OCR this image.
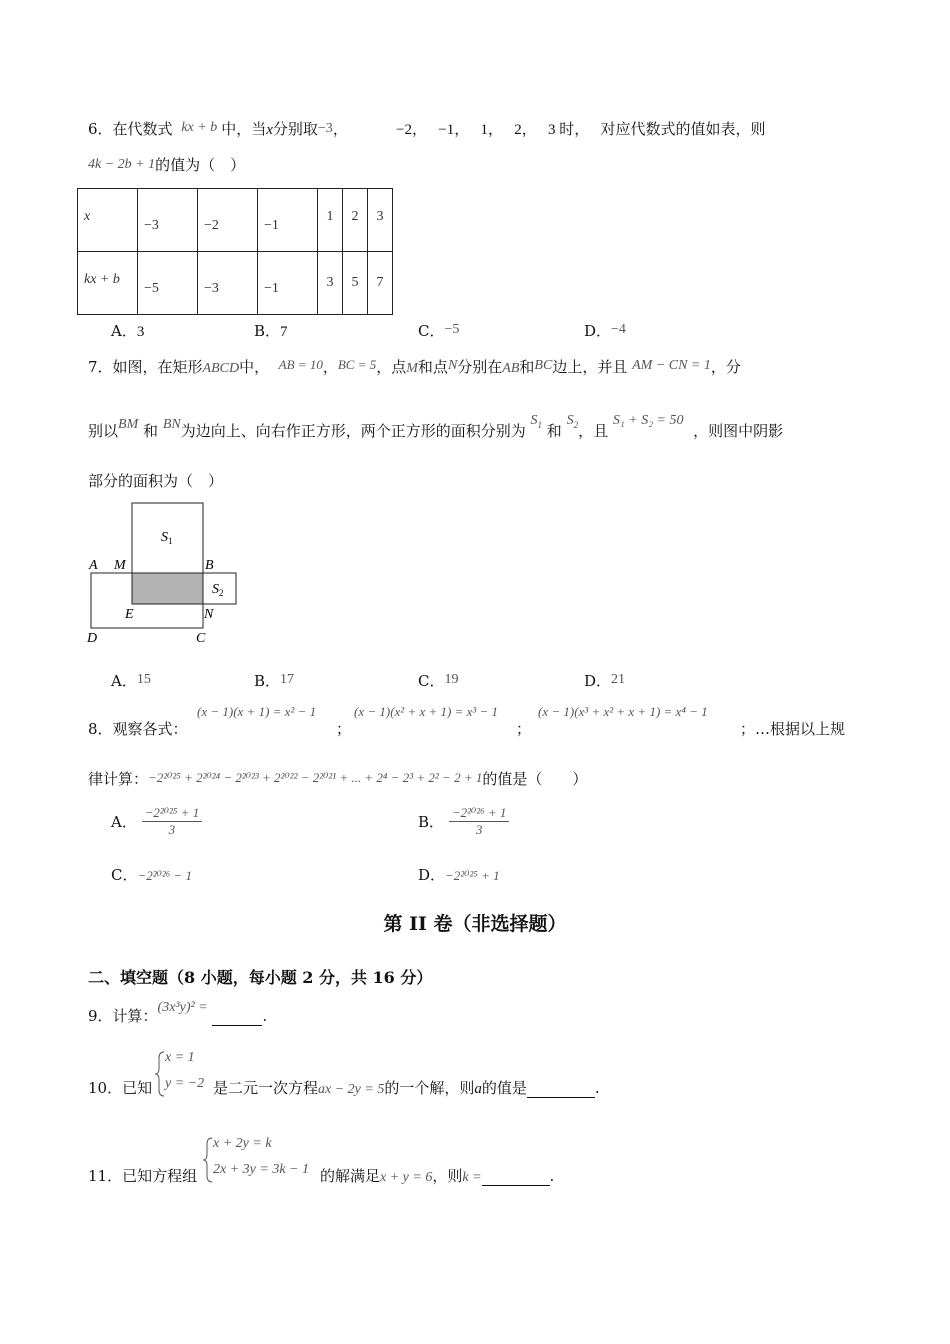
6．在代数式 kx + b 中，当x分别取−3，	−2，   −1，   1，   2，   3 时， 对应代数式的值如表，则
4k − 2b + 1的值为（　）
x	−3	−2	−1	1	2	3
kx + b	−5	−3	−1	3	5	7
A．3	B．7	C．−5	D．−4
7．如图，在矩形ABCD中， AB = 10，BC = 5，点M和点N分别在AB和BC边上，并且 AM − CN = 1，分
别以BM 和 BN为边向上、向右作正方形，两个正方形的面积分别为 $S_1$ 和 $S_2$，且 S₁ + S₂ = 50  ，则图中阴影
部分的面积为（　）
$S_1$
$S_2$
A M	B
E	N
D	C
A．15	B．17	C．19	D．21
8．观察各式：
(x − 1)(x + 1) = x² − 1
；
(x − 1)(x² + x + 1) = x³ − 1
；
(x − 1)(x³ + x² + x + 1) = x⁴ − 1
；…根据以上规
律计算：−2²⁰²⁵ + 2²⁰²⁴ − 2²⁰²³ + 2²⁰²² − 2²⁰²¹ + ... + 2⁴ − 2³ + 2² − 2 + 1的值是（　　）
A． $\frac{\text{−2²⁰²⁵ + 1}}{3}$	B． $\frac{\text{−2²⁰²⁶ + 1}}{3}$
C．−2²⁰²⁶ − 1	D．−2²⁰²⁵ + 1
第 II 卷（非选择题）
二、填空题（8 小题，每小题 2 分，共 16 分）
9．计算：(3x³y)² =	.
10．已知
x = 1
y = −2 是二元一次方程ax − 2y = 5的一个解，则a的值是	.
11．已知方程组
x + 2y = k
2x + 3y = 3k − 1 的解满足x + y = 6，则k =	.
